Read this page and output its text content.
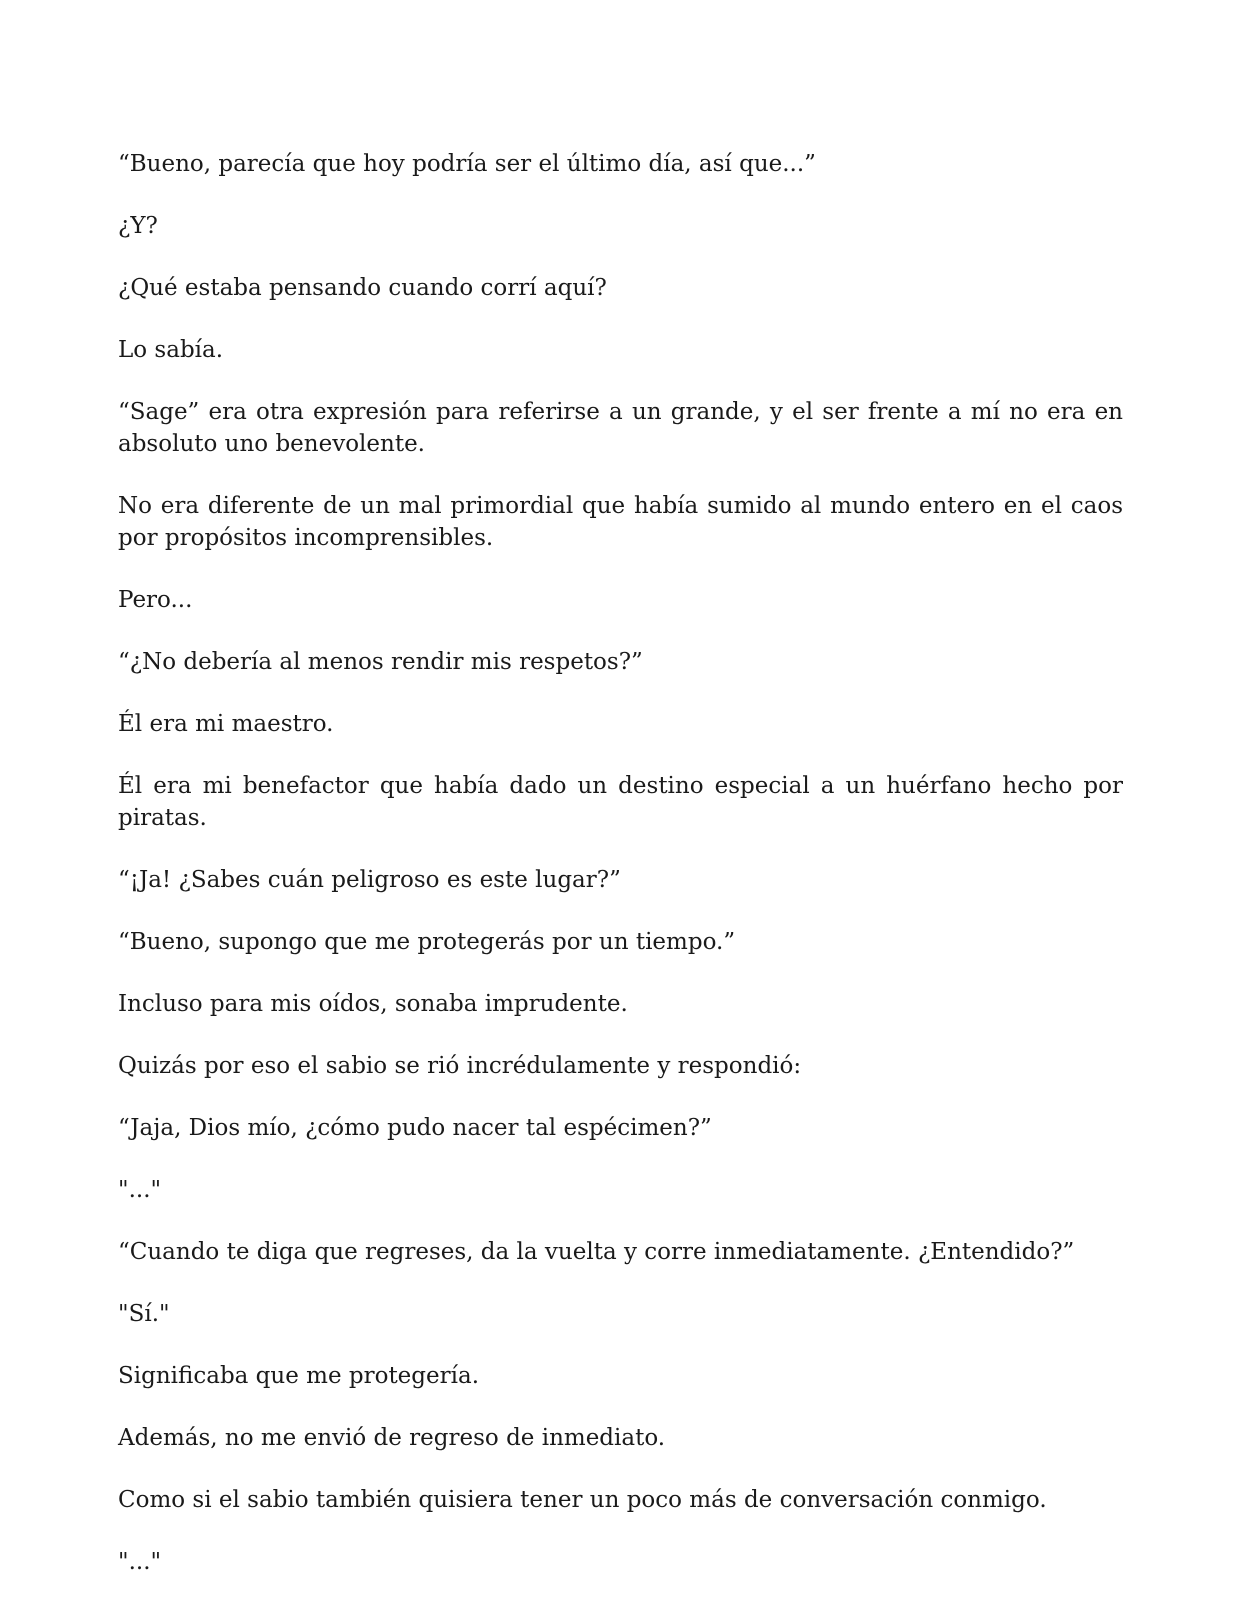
“Bueno, parecía que hoy podría ser el último día, así que...”

¿Y?

¿Qué estaba pensando cuando corrí aquí?

Lo sabía.

“Sage” era otra expresión para referirse a un grande, y el ser frente a mí no era en absoluto uno benevolente.

No era diferente de un mal primordial que había sumido al mundo entero en el caos por propósitos incomprensibles.

Pero...

“¿No debería al menos rendir mis respetos?”

Él era mi maestro.

Él era mi benefactor que había dado un destino especial a un huérfano hecho por piratas.

“¡Ja! ¿Sabes cuán peligroso es este lugar?”

“Bueno, supongo que me protegerás por un tiempo.”

Incluso para mis oídos, sonaba imprudente.

Quizás por eso el sabio se rió incrédulamente y respondió:

“Jaja, Dios mío, ¿cómo pudo nacer tal espécimen?”

"..."

“Cuando te diga que regreses, da la vuelta y corre inmediatamente. ¿Entendido?”

"Sí."

Significaba que me protegería.

Además, no me envió de regreso de inmediato.

Como si el sabio también quisiera tener un poco más de conversación conmigo.

"..."
